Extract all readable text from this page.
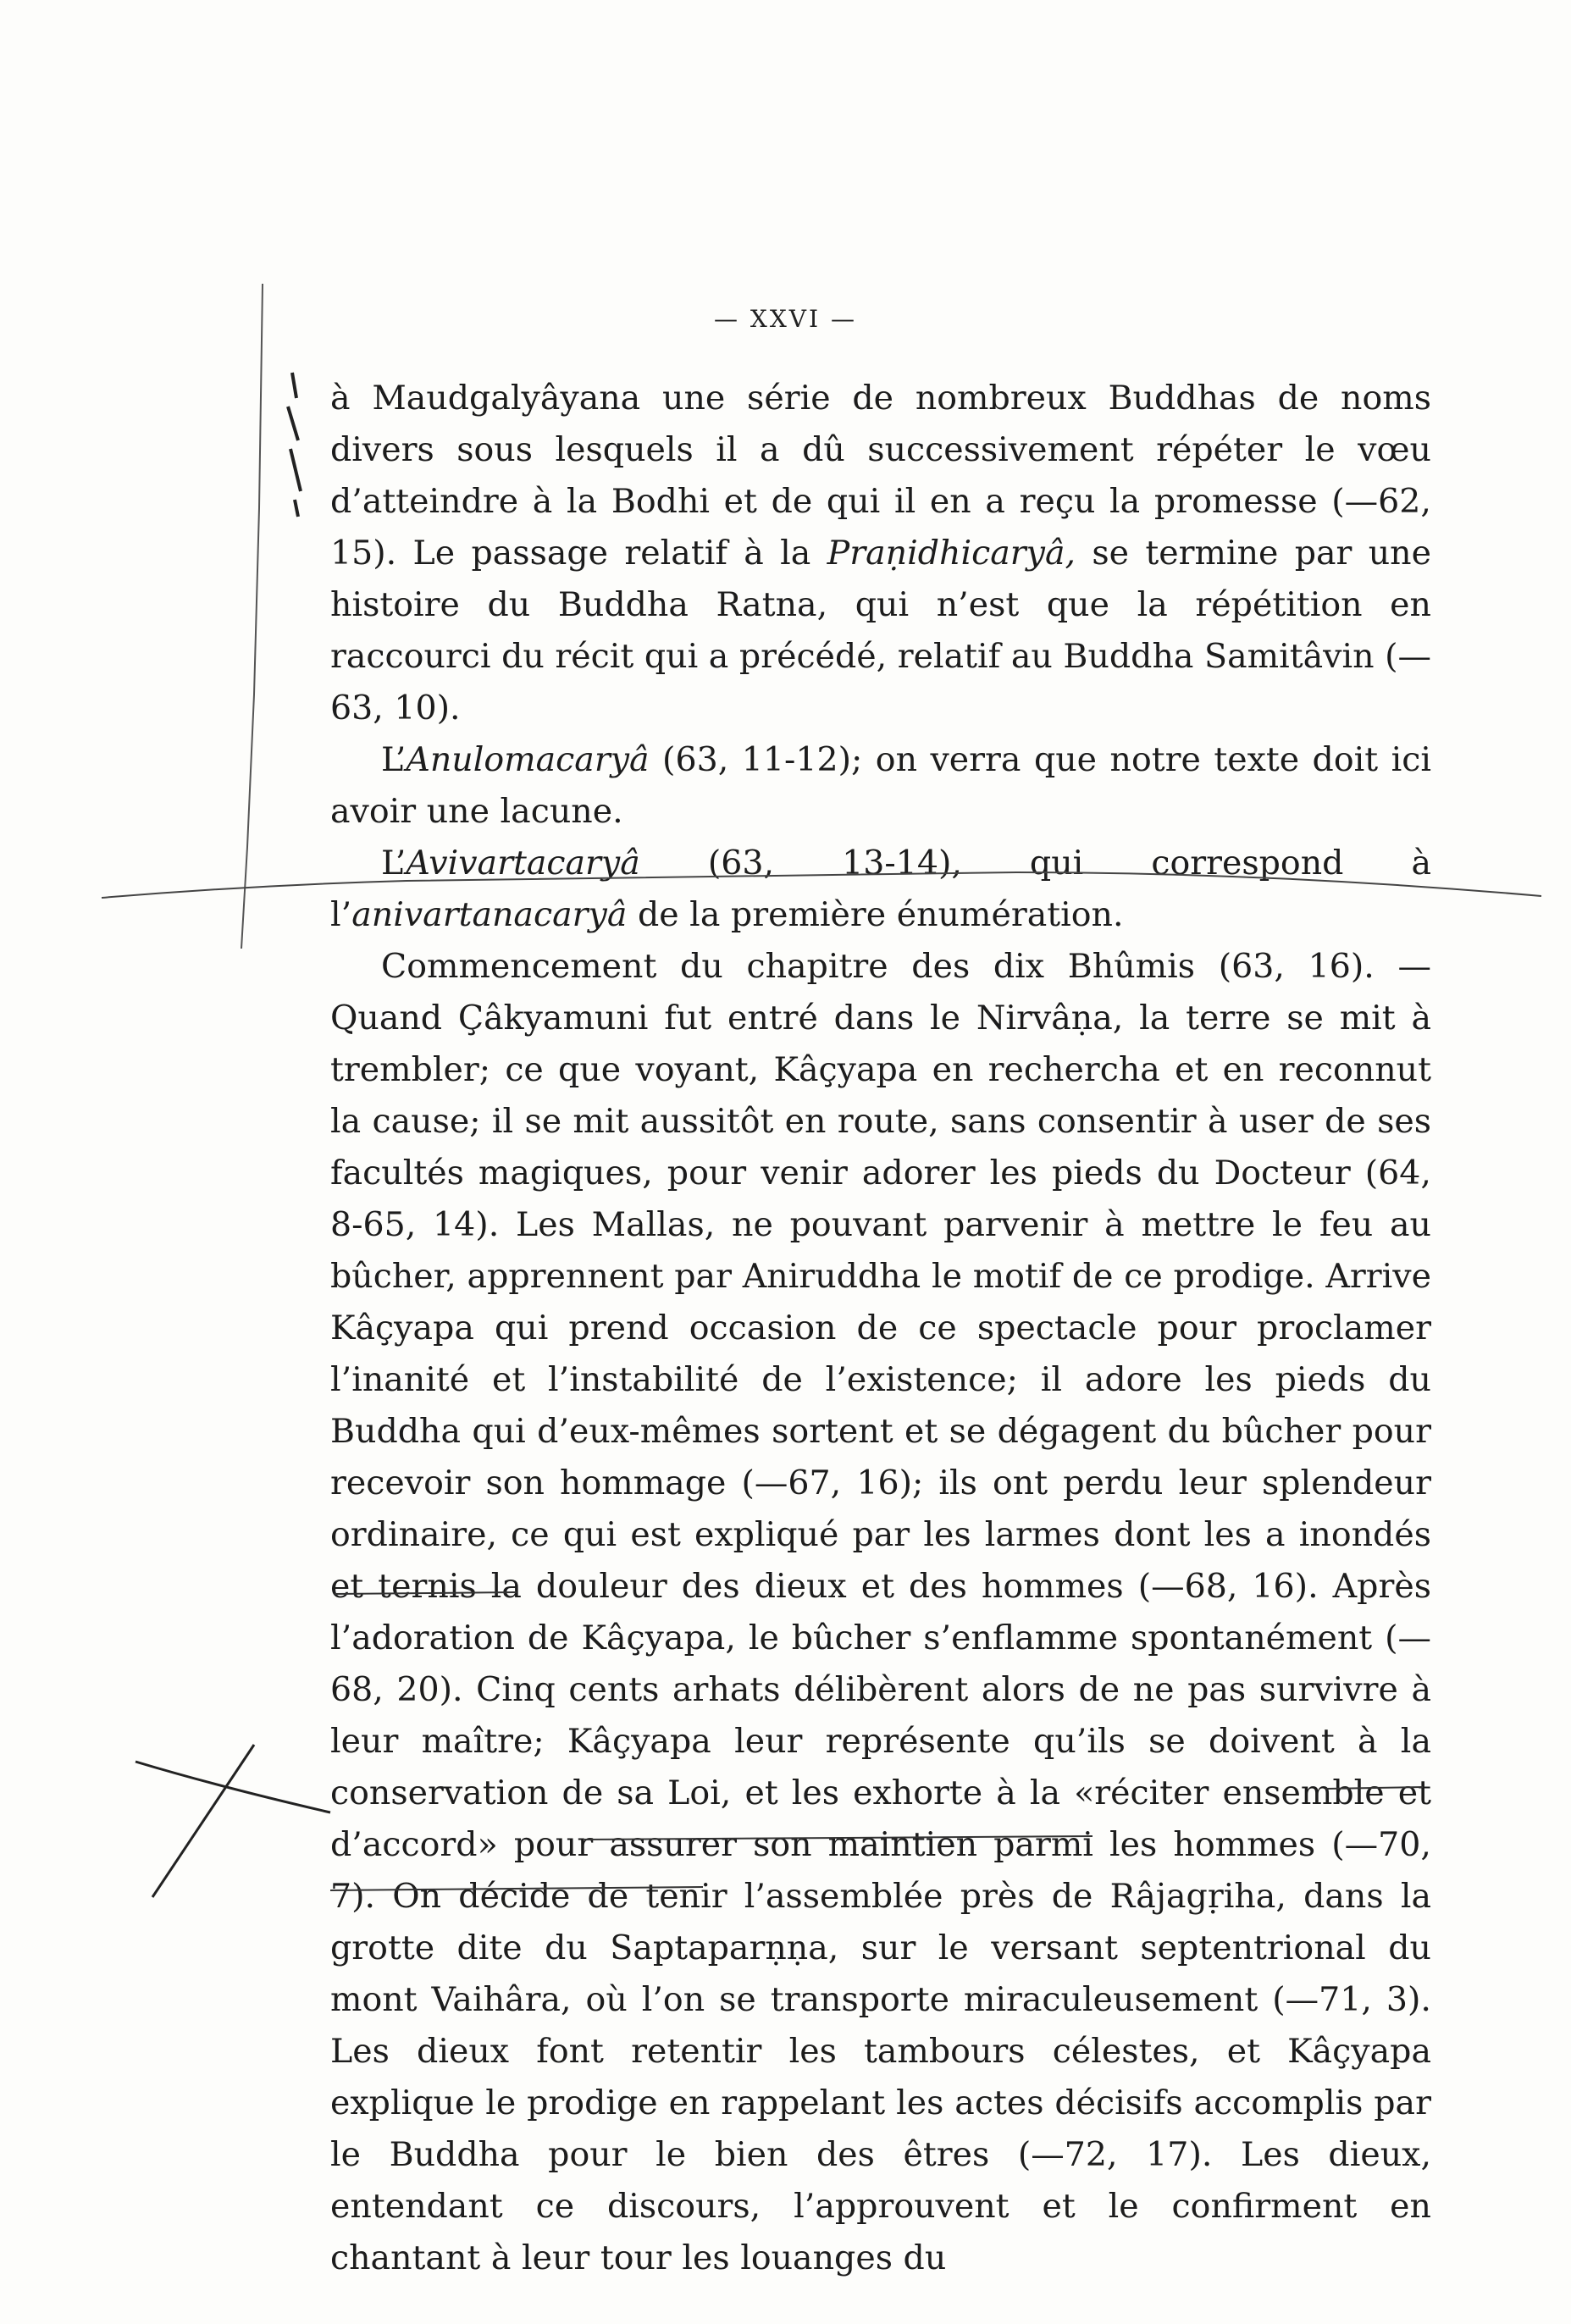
— XXVI —

à Maudgalyâyana une série de nombreux Buddhas de noms divers sous lesquels il a dû successivement répéter le vœu d’atteindre à la Bodhi et de qui il en a reçu la promesse (—62, 15). Le passage relatif à la Praṇidhicaryâ, se termine par une histoire du Buddha Ratna, qui n’est que la répétition en raccourci du récit qui a précédé, relatif au Buddha Samitâvin (— 63, 10).

L’Anulomacaryâ (63, 11-12); on verra que notre texte doit ici avoir une lacune.

L’Avivartacaryâ (63, 13-14), qui correspond à l’anivartanacaryâ de la première énumération.

Commencement du chapitre des dix Bhûmis (63, 16). — Quand Çâkyamuni fut entré dans le Nirvâṇa, la terre se mit à trembler; ce que voyant, Kâçyapa en rechercha et en reconnut la cause; il se mit aussitôt en route, sans consentir à user de ses facultés magiques, pour venir adorer les pieds du Docteur (64, 8-65, 14). Les Mallas, ne pouvant parvenir à mettre le feu au bûcher, apprennent par Aniruddha le motif de ce prodige. Arrive Kâçyapa qui prend occasion de ce spectacle pour proclamer l’inanité et l’instabilité de l’existence; il adore les pieds du Buddha qui d’eux-mêmes sortent et se dégagent du bûcher pour recevoir son hommage (—67, 16); ils ont perdu leur splendeur ordinaire, ce qui est expliqué par les larmes dont les a inondés et ternis la douleur des dieux et des hommes (—68, 16). Après l’adoration de Kâçyapa, le bûcher s’enflamme spontanément (—68, 20). Cinq cents arhats délibèrent alors de ne pas survivre à leur maître; Kâçyapa leur représente qu’ils se doivent à la conservation de sa Loi, et les exhorte à la «réciter ensemble et d’accord» pour assurer son maintien parmi les hommes (—70, 7). On décide de tenir l’assemblée près de Râjagṛiha, dans la grotte dite du Saptaparṇṇa, sur le versant septentrional du mont Vaihâra, où l’on se transporte miraculeusement (—71, 3). Les dieux font retentir les tambours célestes, et Kâçyapa explique le prodige en rappelant les actes décisifs accomplis par le Buddha pour le bien des êtres (—72, 17). Les dieux, entendant ce discours, l’approuvent et le confirment en chantant à leur tour les louanges du
